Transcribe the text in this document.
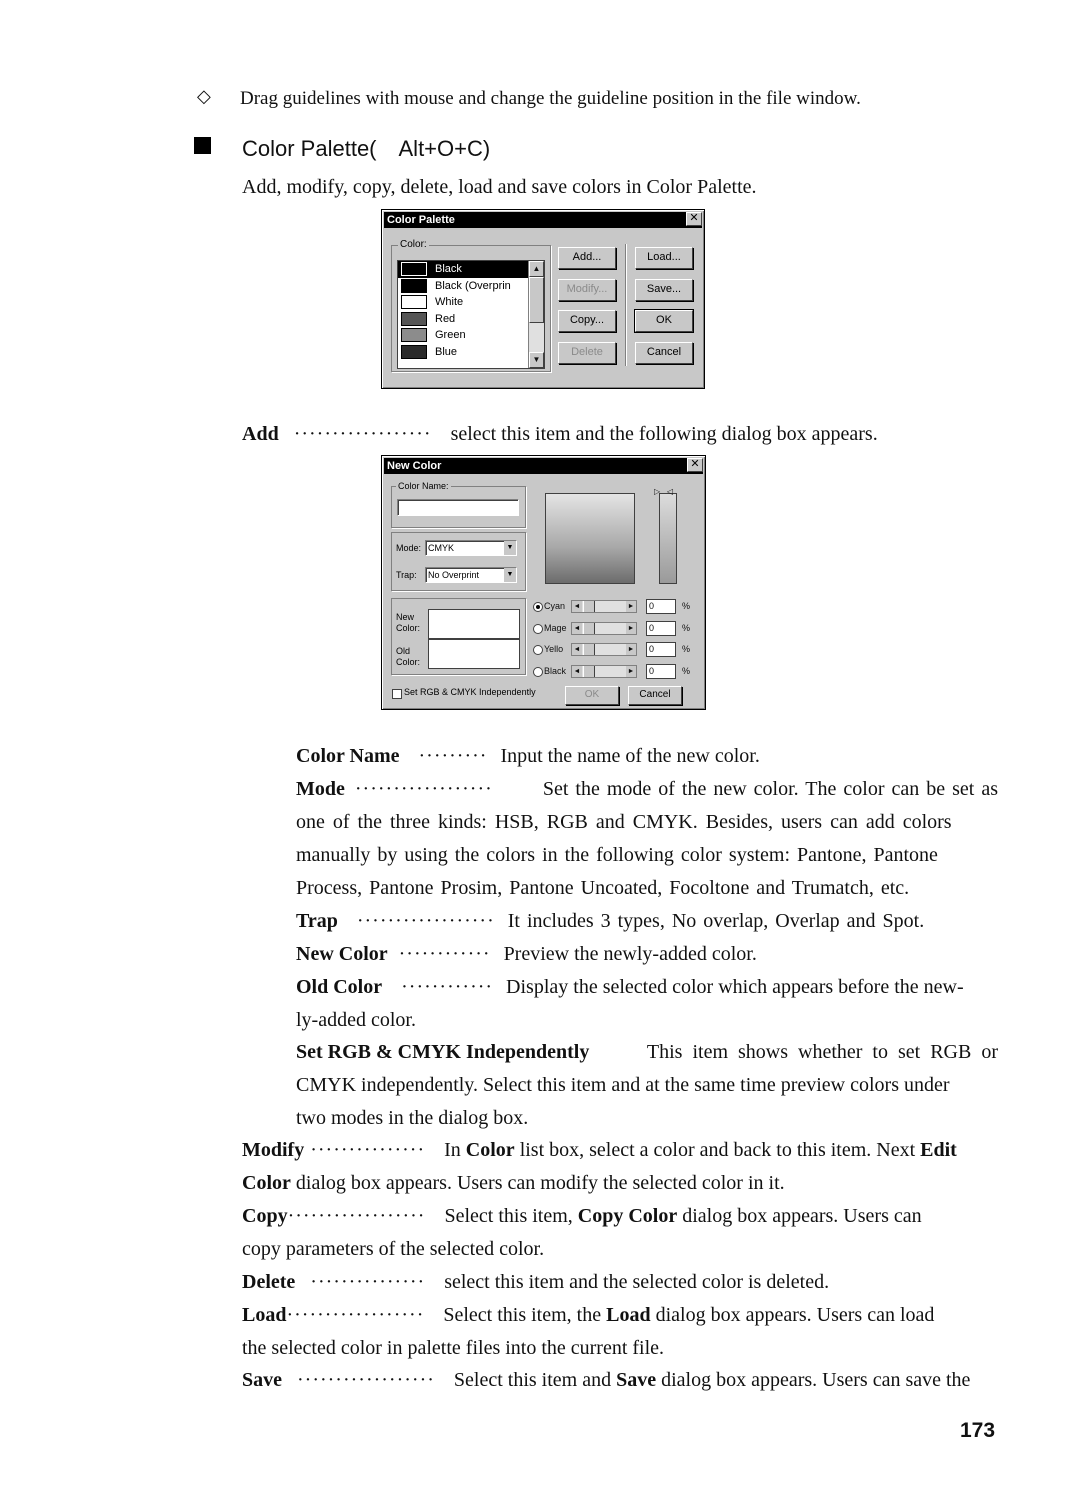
◇ Drag guidelines with mouse and change the guideline position in the file window.
Color Palette(　Alt+O+C)
Add, modify, copy, delete, load and save colors in Color Palette.
Color Palette	✕
Color:
Black
Black (Overprin
White
Red
Green
Blue
▲
▼
Add...
Modify...
Copy...
Delete
Load...
Save...
OK
Cancel
Add ·················· select this item and the following dialog box appears.
New Color	✕
Color Name:
Mode: CMYK	▼
Trap:	No Overprint	▼
New Color:
Old Color:
▷   ◁
Cyan ◄	►	0	%
Mage ◄	►	0	%
Yello ◄	►	0	%
Black ◄	►	0	%
Set RGB & CMYK Independently	OK	Cancel
Color Name ········· Input the name of the new color.
Mode ··················	Set the mode of the new color. The color can be set as
one of the three kinds: HSB, RGB and CMYK. Besides, users can add colors
manually by using the colors in the following color system: Pantone, Pantone
Process, Pantone Prosim, Pantone Uncoated, Focoltone and Trumatch, etc.
Trap ·················· It includes 3 types, No overlap, Overlap and Spot.
New Color ············ Preview the newly-added color.
Old Color ············ Display the selected color which appears before the new-
ly-added color.
Set RGB & CMYK Independently	This item shows whether to set RGB or
CMYK independently. Select this item and at the same time preview colors under
two modes in the dialog box.
Modify ··············· In Color list box, select a color and back to this item. Next Edit
Color dialog box appears. Users can modify the selected color in it.
Copy·················· Select this item, Copy Color dialog box appears. Users can
copy parameters of the selected color.
Delete ··············· select this item and the selected color is deleted.
Load·················· Select this item, the Load dialog box appears. Users can load
the selected color in palette files into the current file.
Save ·················· Select this item and Save dialog box appears. Users can save the
173
